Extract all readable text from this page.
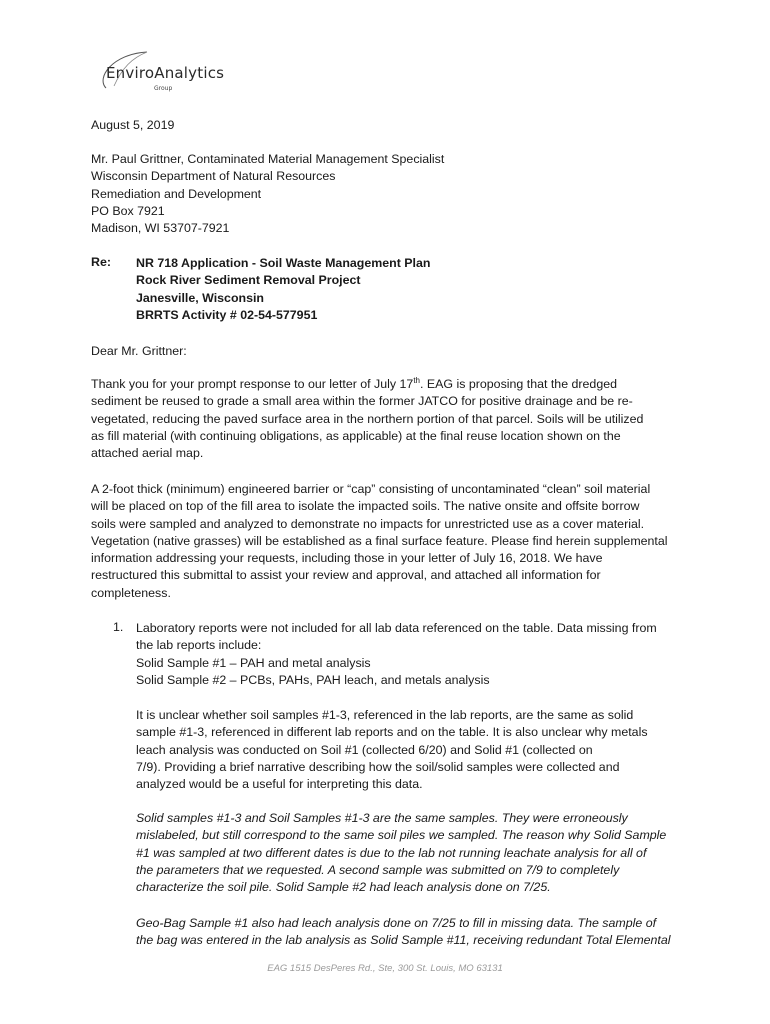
EnviroAnalytics
Group
August 5, 2019
Mr. Paul Grittner, Contaminated Material Management Specialist
Wisconsin Department of Natural Resources
Remediation and Development
PO Box 7921
Madison, WI 53707-7921
Re: NR 718 Application - Soil Waste Management Plan
Rock River Sediment Removal Project
Janesville, Wisconsin
BRRTS Activity # 02-54-577951
Dear Mr. Grittner:
Thank you for your prompt response to our letter of July 17th. EAG is proposing that the dredged
sediment be reused to grade a small area within the former JATCO for positive drainage and be re-
vegetated, reducing the paved surface area in the northern portion of that parcel. Soils will be utilized
as fill material (with continuing obligations, as applicable) at the final reuse location shown on the
attached aerial map.
A 2-foot thick (minimum) engineered barrier or “cap” consisting of uncontaminated “clean” soil material
will be placed on top of the fill area to isolate the impacted soils. The native onsite and offsite borrow
soils were sampled and analyzed to demonstrate no impacts for unrestricted use as a cover material.
Vegetation (native grasses) will be established as a final surface feature. Please find herein supplemental
information addressing your requests, including those in your letter of July 16, 2018. We have
restructured this submittal to assist your review and approval, and attached all information for
completeness.
1. Laboratory reports were not included for all lab data referenced on the table. Data missing from
the lab reports include:
Solid Sample #1 – PAH and metal analysis
Solid Sample #2 – PCBs, PAHs, PAH leach, and metals analysis
It is unclear whether soil samples #1-3, referenced in the lab reports, are the same as solid
sample #1-3, referenced in different lab reports and on the table. It is also unclear why metals
leach analysis was conducted on Soil #1 (collected 6/20) and Solid #1 (collected on
7/9). Providing a brief narrative describing how the soil/solid samples were collected and
analyzed would be a useful for interpreting this data.
Solid samples #1-3 and Soil Samples #1-3 are the same samples. They were erroneously
mislabeled, but still correspond to the same soil piles we sampled. The reason why Solid Sample
#1 was sampled at two different dates is due to the lab not running leachate analysis for all of
the parameters that we requested. A second sample was submitted on 7/9 to completely
characterize the soil pile. Solid Sample #2 had leach analysis done on 7/25.
Geo-Bag Sample #1 also had leach analysis done on 7/25 to fill in missing data. The sample of
the bag was entered in the lab analysis as Solid Sample #11, receiving redundant Total Elemental
EAG 1515 DesPeres Rd., Ste, 300 St. Louis, MO 63131
